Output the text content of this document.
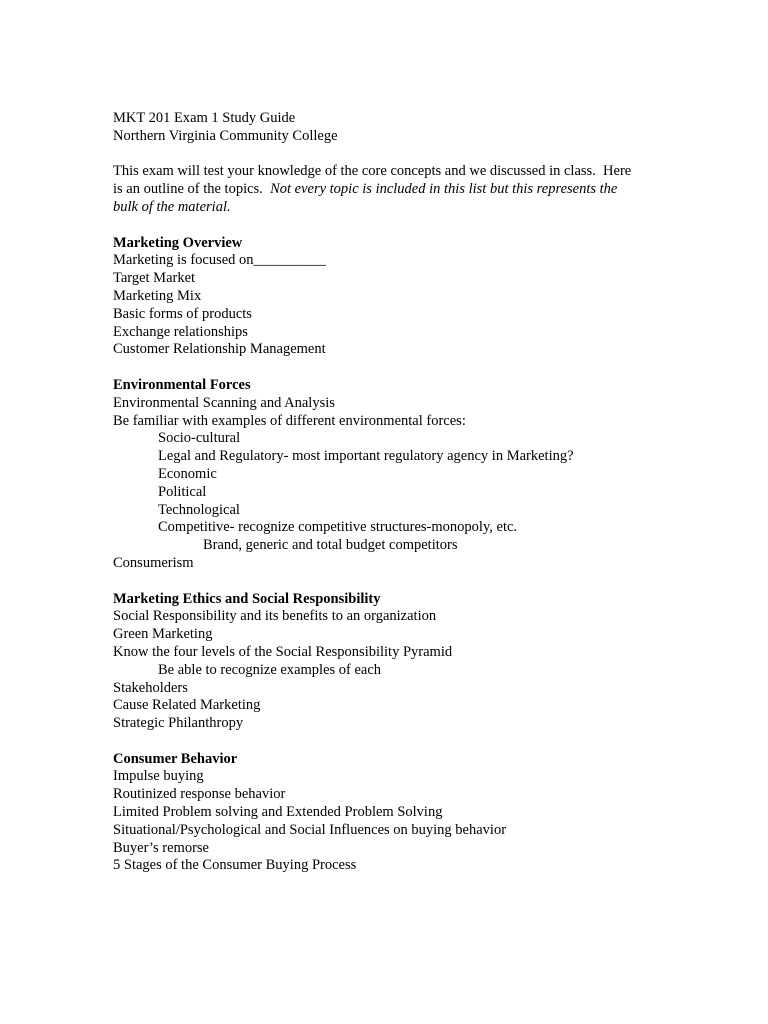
MKT 201 Exam 1 Study Guide
Northern Virginia Community College
This exam will test your knowledge of the core concepts and we discussed in class.  Here
is an outline of the topics.  Not every topic is included in this list but this represents the
bulk of the material.
Marketing Overview
Marketing is focused on__________
Target Market
Marketing Mix
Basic forms of products
Exchange relationships
Customer Relationship Management
Environmental Forces
Environmental Scanning and Analysis
Be familiar with examples of different environmental forces:
Socio-cultural
Legal and Regulatory- most important regulatory agency in Marketing?
Economic
Political
Technological
Competitive- recognize competitive structures-monopoly, etc.
Brand, generic and total budget competitors
Consumerism
Marketing Ethics and Social Responsibility
Social Responsibility and its benefits to an organization
Green Marketing
Know the four levels of the Social Responsibility Pyramid
Be able to recognize examples of each
Stakeholders
Cause Related Marketing
Strategic Philanthropy
Consumer Behavior
Impulse buying
Routinized response behavior
Limited Problem solving and Extended Problem Solving
Situational/Psychological and Social Influences on buying behavior
Buyer’s remorse
5 Stages of the Consumer Buying Process
